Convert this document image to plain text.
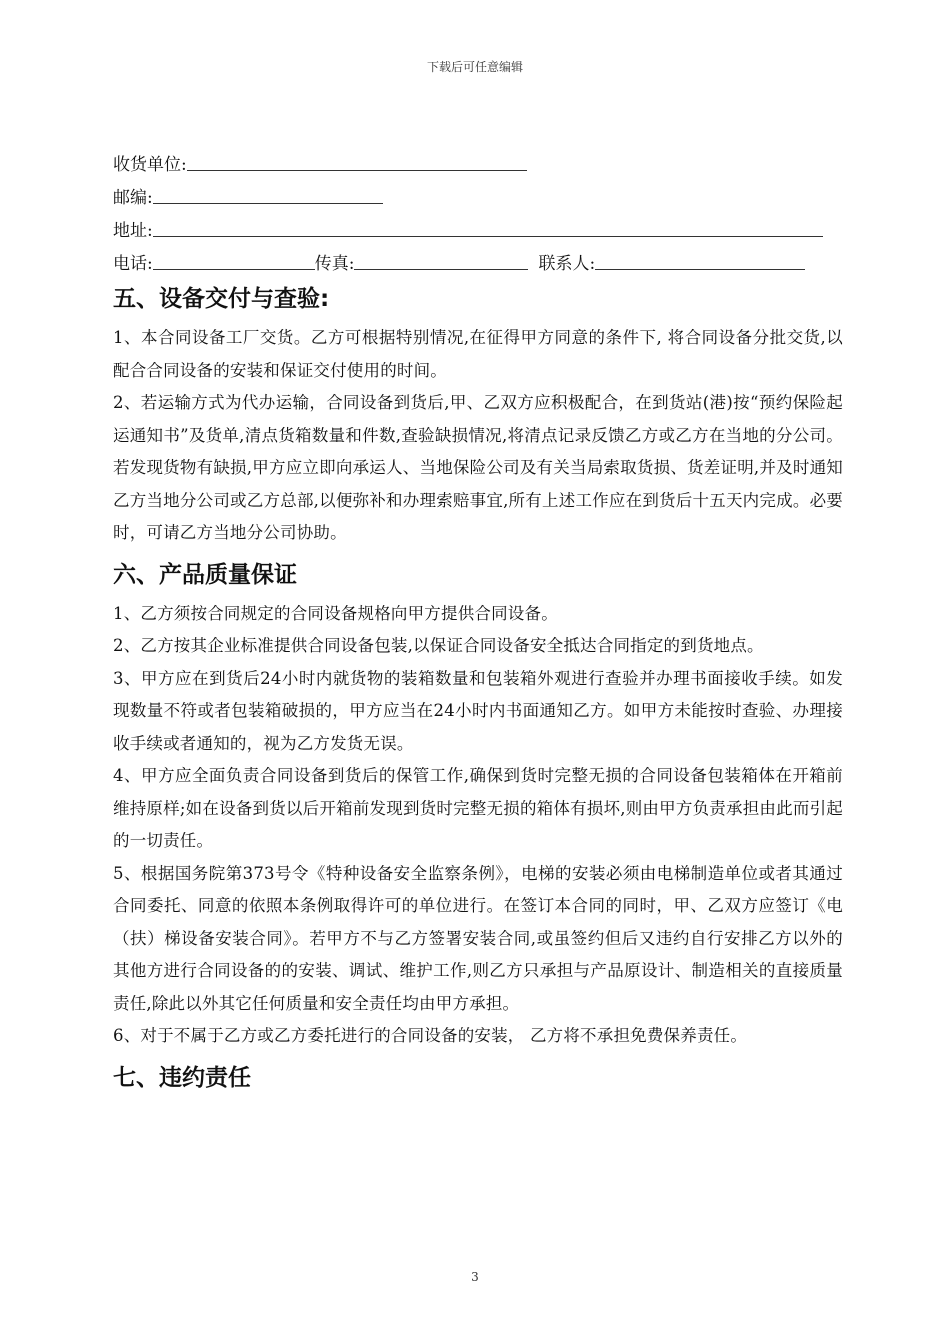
下载后可任意编辑
收货单位:
邮编:
地址:
电话:	传真:	联系人:
五、设备交付与查验:

1、本合同设备工厂交货。乙方可根据特别情况,在征得甲方同意的条件下, 将合同设备分批交货,以配合合同设备的安装和保证交付使用的时间。

2、若运输方式为代办运输，合同设备到货后,甲、乙双方应积极配合，在到货站(港)按“预约保险起运通知书”及货单,清点货箱数量和件数,查验缺损情况,将清点记录反馈乙方或乙方在当地的分公司。若发现货物有缺损,甲方应立即向承运人、当地保险公司及有关当局索取货损、货差证明,并及时通知乙方当地分公司或乙方总部,以便弥补和办理索赔事宜,所有上述工作应在到货后十五天内完成。必要时，可请乙方当地分公司协助。

六、产品质量保证

1、乙方须按合同规定的合同设备规格向甲方提供合同设备。

2、乙方按其企业标准提供合同设备包装,以保证合同设备安全抵达合同指定的到货地点。

3、甲方应在到货后24小时内就货物的装箱数量和包装箱外观进行查验并办理书面接收手续。如发现数量不符或者包装箱破损的，甲方应当在24小时内书面通知乙方。如甲方未能按时查验、办理接收手续或者通知的，视为乙方发货无误。

4、甲方应全面负责合同设备到货后的保管工作,确保到货时完整无损的合同设备包装箱体在开箱前维持原样;如在设备到货以后开箱前发现到货时完整无损的箱体有损坏,则由甲方负责承担由此而引起的一切责任。

5、根据国务院第373号令《特种设备安全监察条例》，电梯的安装必须由电梯制造单位或者其通过合同委托、同意的依照本条例取得许可的单位进行。在签订本合同的同时，甲、乙双方应签订《电（扶）梯设备安装合同》。若甲方不与乙方签署安装合同,或虽签约但后又违约自行安排乙方以外的其他方进行合同设备的的安装、调试、维护工作,则乙方只承担与产品原设计、制造相关的直接质量责任,除此以外其它任何质量和安全责任均由甲方承担。

6、对于不属于乙方或乙方委托进行的合同设备的安装， 乙方将不承担免费保养责任。

七、违约责任
3
